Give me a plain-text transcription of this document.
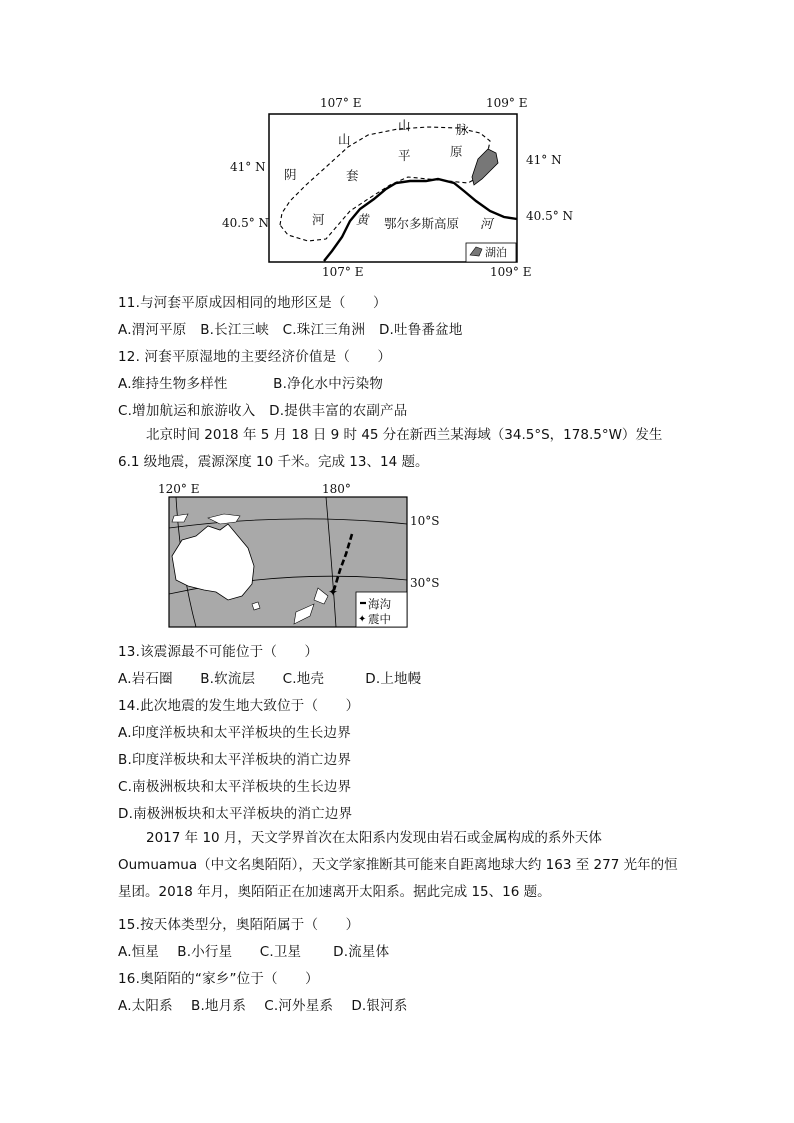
107° E	109° E
107° E	109° E
41° N
40.5° N
41° N
40.5° N
湖泊
山
山	脉
平	原
阴	套
河	黄 鄂尔多斯高原 河
11.与河套平原成因相同的地形区是（　　）
A.渭河平原　B.长江三峡　C.珠江三角洲　D.吐鲁番盆地
12. 河套平原湿地的主要经济价值是（　　）
A.维持生物多样性　　　 B.净化水中污染物
C.增加航运和旅游收入　D.提供丰富的农副产品
北京时间 2018 年 5 月 18 日 9 时 45 分在新西兰某海域（34.5°S，178.5°W）发生 6.1 级地震，震源深度 10 千米。完成 13、14 题。
120° E	180°
10°S
30°S
✦
✦
海沟
震中
13.该震源最不可能位于（　　）
A.岩石圈　　B.软流层　　C.地壳　　　D.上地幔
14.此次地震的发生地大致位于（　　）
A.印度洋板块和太平洋板块的生长边界
B.印度洋板块和太平洋板块的消亡边界
C.南极洲板块和太平洋板块的生长边界
D.南极洲板块和太平洋板块的消亡边界
2017 年 10 月，天文学界首次在太阳系内发现由岩石或金属构成的系外天体 Oumuamua（中文名奥陌陌），天文学家推断其可能来自距离地球大约 163 至 277 光年的恒星团。2018 年月，奥陌陌正在加速离开太阳系。据此完成 15、16 题。
15.按天体类型分，奥陌陌属于（　　）
A.恒星　 B.小行星　　C.卫星　　 D.流星体
16.奥陌陌的“家乡”位于（　　）
A.太阳系　 B.地月系　 C.河外星系　 D.银河系
